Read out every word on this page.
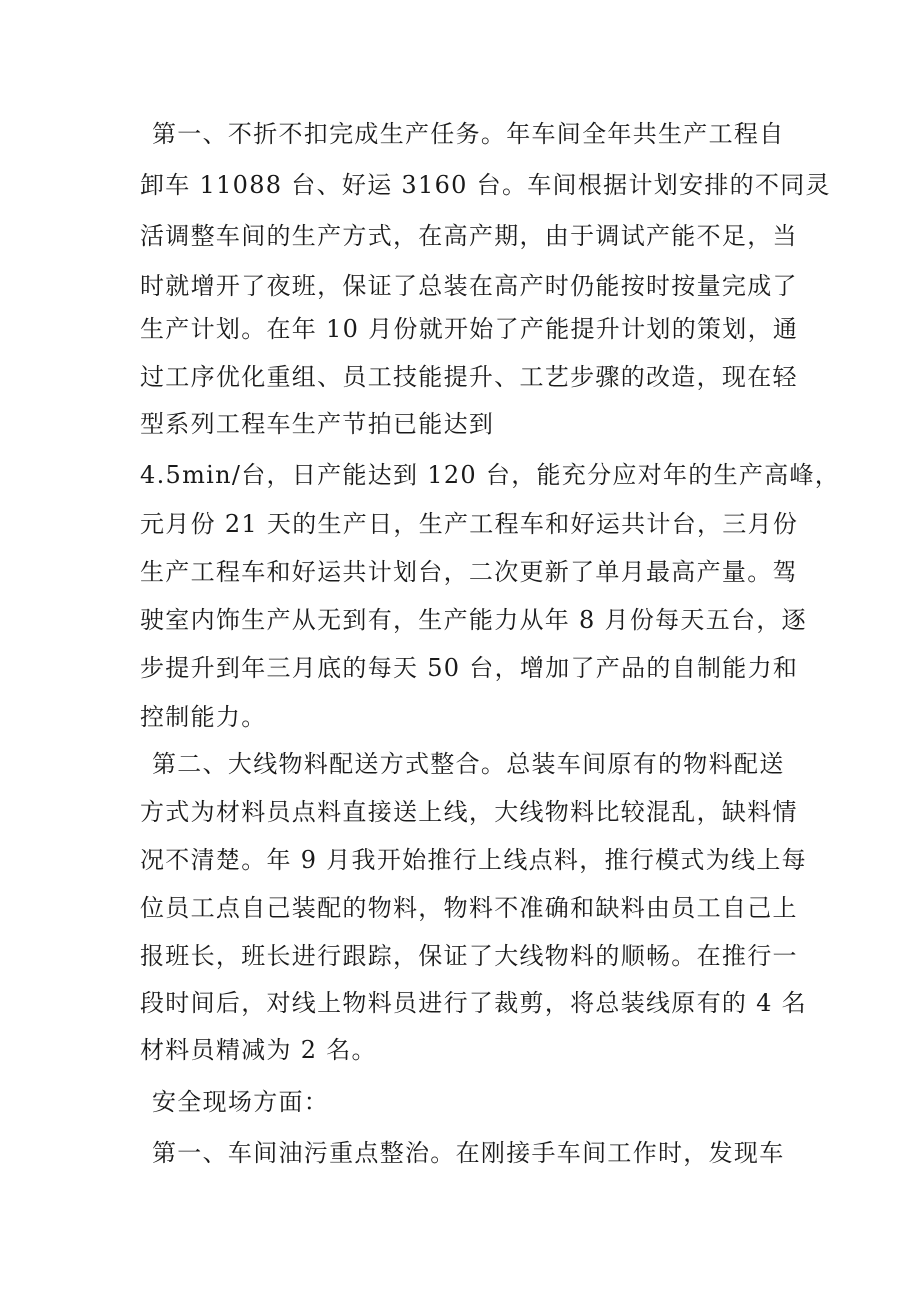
第一、不折不扣完成生产任务。年车间全年共生产工程自
卸车 11088 台、好运 3160 台。车间根据计划安排的不同灵
活调整车间的生产方式，在高产期，由于调试产能不足，当
时就增开了夜班，保证了总装在高产时仍能按时按量完成了
生产计划。在年 10 月份就开始了产能提升计划的策划，通
过工序优化重组、员工技能提升、工艺步骤的改造，现在轻
型系列工程车生产节拍已能达到
4.5min/台，日产能达到 120 台，能充分应对年的生产高峰，
元月份 21 天的生产日，生产工程车和好运共计台，三月份
生产工程车和好运共计划台，二次更新了单月最高产量。驾
驶室内饰生产从无到有，生产能力从年 8 月份每天五台，逐
步提升到年三月底的每天 50 台，增加了产品的自制能力和
控制能力。
第二、大线物料配送方式整合。总装车间原有的物料配送
方式为材料员点料直接送上线，大线物料比较混乱，缺料情
况不清楚。年 9 月我开始推行上线点料，推行模式为线上每
位员工点自己装配的物料，物料不准确和缺料由员工自己上
报班长，班长进行跟踪，保证了大线物料的顺畅。在推行一
段时间后，对线上物料员进行了裁剪，将总装线原有的 4 名
材料员精减为 2 名。
安全现场方面：
第一、车间油污重点整治。在刚接手车间工作时，发现车
